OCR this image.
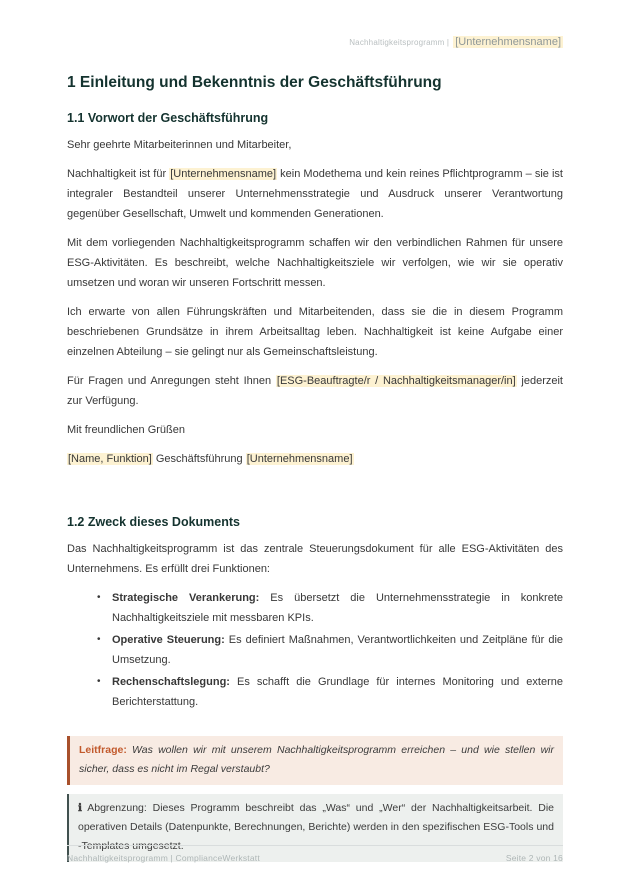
Nachhaltigkeitsprogramm | [Unternehmensname]
1 Einleitung und Bekenntnis der Geschäftsführung
1.1 Vorwort der Geschäftsführung

Sehr geehrte Mitarbeiterinnen und Mitarbeiter,

Nachhaltigkeit ist für [Unternehmensname] kein Modethema und kein reines Pflichtprogramm – sie ist integraler Bestandteil unserer Unternehmensstrategie und Ausdruck unserer Verantwortung gegenüber Gesellschaft, Umwelt und kommenden Generationen.

Mit dem vorliegenden Nachhaltigkeitsprogramm schaffen wir den verbindlichen Rahmen für unsere ESG-Aktivitäten. Es beschreibt, welche Nachhaltigkeitsziele wir verfolgen, wie wir sie operativ umsetzen und woran wir unseren Fortschritt messen.

Ich erwarte von allen Führungskräften und Mitarbeitenden, dass sie die in diesem Programm beschriebenen Grundsätze in ihrem Arbeitsalltag leben. Nachhaltigkeit ist keine Aufgabe einer einzelnen Abteilung – sie gelingt nur als Gemeinschaftsleistung.

Für Fragen und Anregungen steht Ihnen [ESG-Beauftragte/r / Nachhaltigkeitsmanager/in] jederzeit zur Verfügung.

Mit freundlichen Grüßen

[Name, Funktion] Geschäftsführung [Unternehmensname]

1.2 Zweck dieses Dokuments

Das Nachhaltigkeitsprogramm ist das zentrale Steuerungsdokument für alle ESG-Aktivitäten des Unternehmens. Es erfüllt drei Funktionen:

• Strategische Verankerung: Es übersetzt die Unternehmensstrategie in konkrete Nachhaltigkeitsziele mit messbaren KPIs.
• Operative Steuerung: Es definiert Maßnahmen, Verantwortlichkeiten und Zeitpläne für die Umsetzung.
• Rechenschaftslegung: Es schafft die Grundlage für internes Monitoring und externe Berichterstattung.
Leitfrage: Was wollen wir mit unserem Nachhaltigkeitsprogramm erreichen – und wie stellen wir sicher, dass es nicht im Regal verstaubt?
ℹ Abgrenzung: Dieses Programm beschreibt das „Was“ und „Wer“ der Nachhaltigkeitsarbeit. Die operativen Details (Datenpunkte, Berechnungen, Berichte) werden in den spezifischen ESG-Tools und -Templates umgesetzt.
Nachhaltigkeitsprogramm | ComplianceWerkstatt	Seite 2 von 16
